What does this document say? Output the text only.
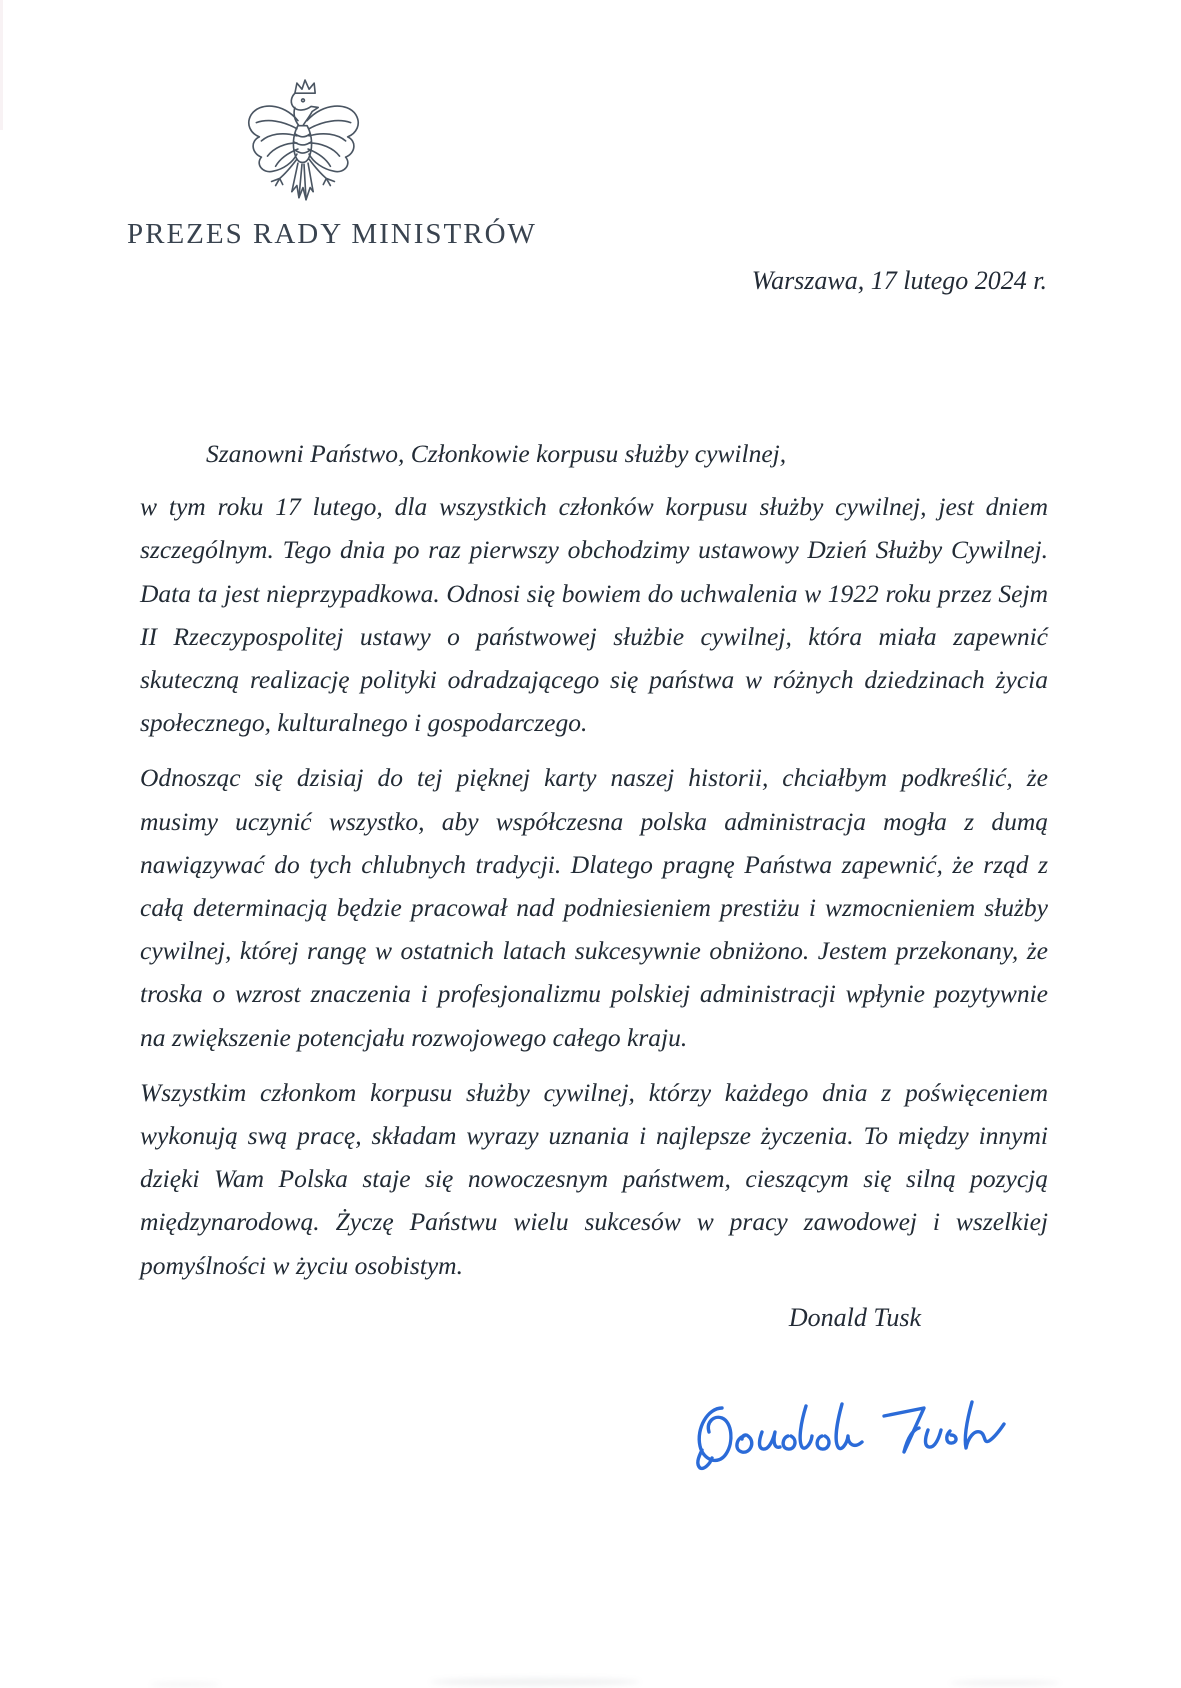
PREZES RADY MINISTRÓW
Warszawa, 17 lutego 2024 r.

Szanowni Państwo, Członkowie korpusu służby cywilnej,

w tym roku 17 lutego, dla wszystkich członków korpusu służby cywilnej, jest dniem szczególnym. Tego dnia po raz pierwszy obchodzimy ustawowy Dzień Służby Cywilnej. Data ta jest nieprzypadkowa. Odnosi się bowiem do uchwalenia w 1922 roku przez Sejm II Rzeczypospolitej ustawy o państwowej służbie cywilnej, która miała zapewnić skuteczną realizację polityki odradzającego się państwa w różnych dziedzinach życia społecznego, kulturalnego i gospodarczego.

Odnosząc się dzisiaj do tej pięknej karty naszej historii, chciałbym podkreślić, że musimy uczynić wszystko, aby współczesna polska administracja mogła z dumą nawiązywać do tych chlubnych tradycji. Dlatego pragnę Państwa zapewnić, że rząd z całą determinacją będzie pracował nad podniesieniem prestiżu i wzmocnieniem służby cywilnej, której rangę w ostatnich latach sukcesywnie obniżono. Jestem przekonany, że troska o wzrost znaczenia i profesjonalizmu polskiej administracji wpłynie pozytywnie na zwiększenie potencjału rozwojowego całego kraju.

Wszystkim członkom korpusu służby cywilnej, którzy każdego dnia z poświęceniem wykonują swą pracę, składam wyrazy uznania i najlepsze życzenia. To między innymi dzięki Wam Polska staje się nowoczesnym państwem, cieszącym się silną pozycją międzynarodową. Życzę Państwu wielu sukcesów w pracy zawodowej i wszelkiej pomyślności w życiu osobistym.

Donald Tusk
